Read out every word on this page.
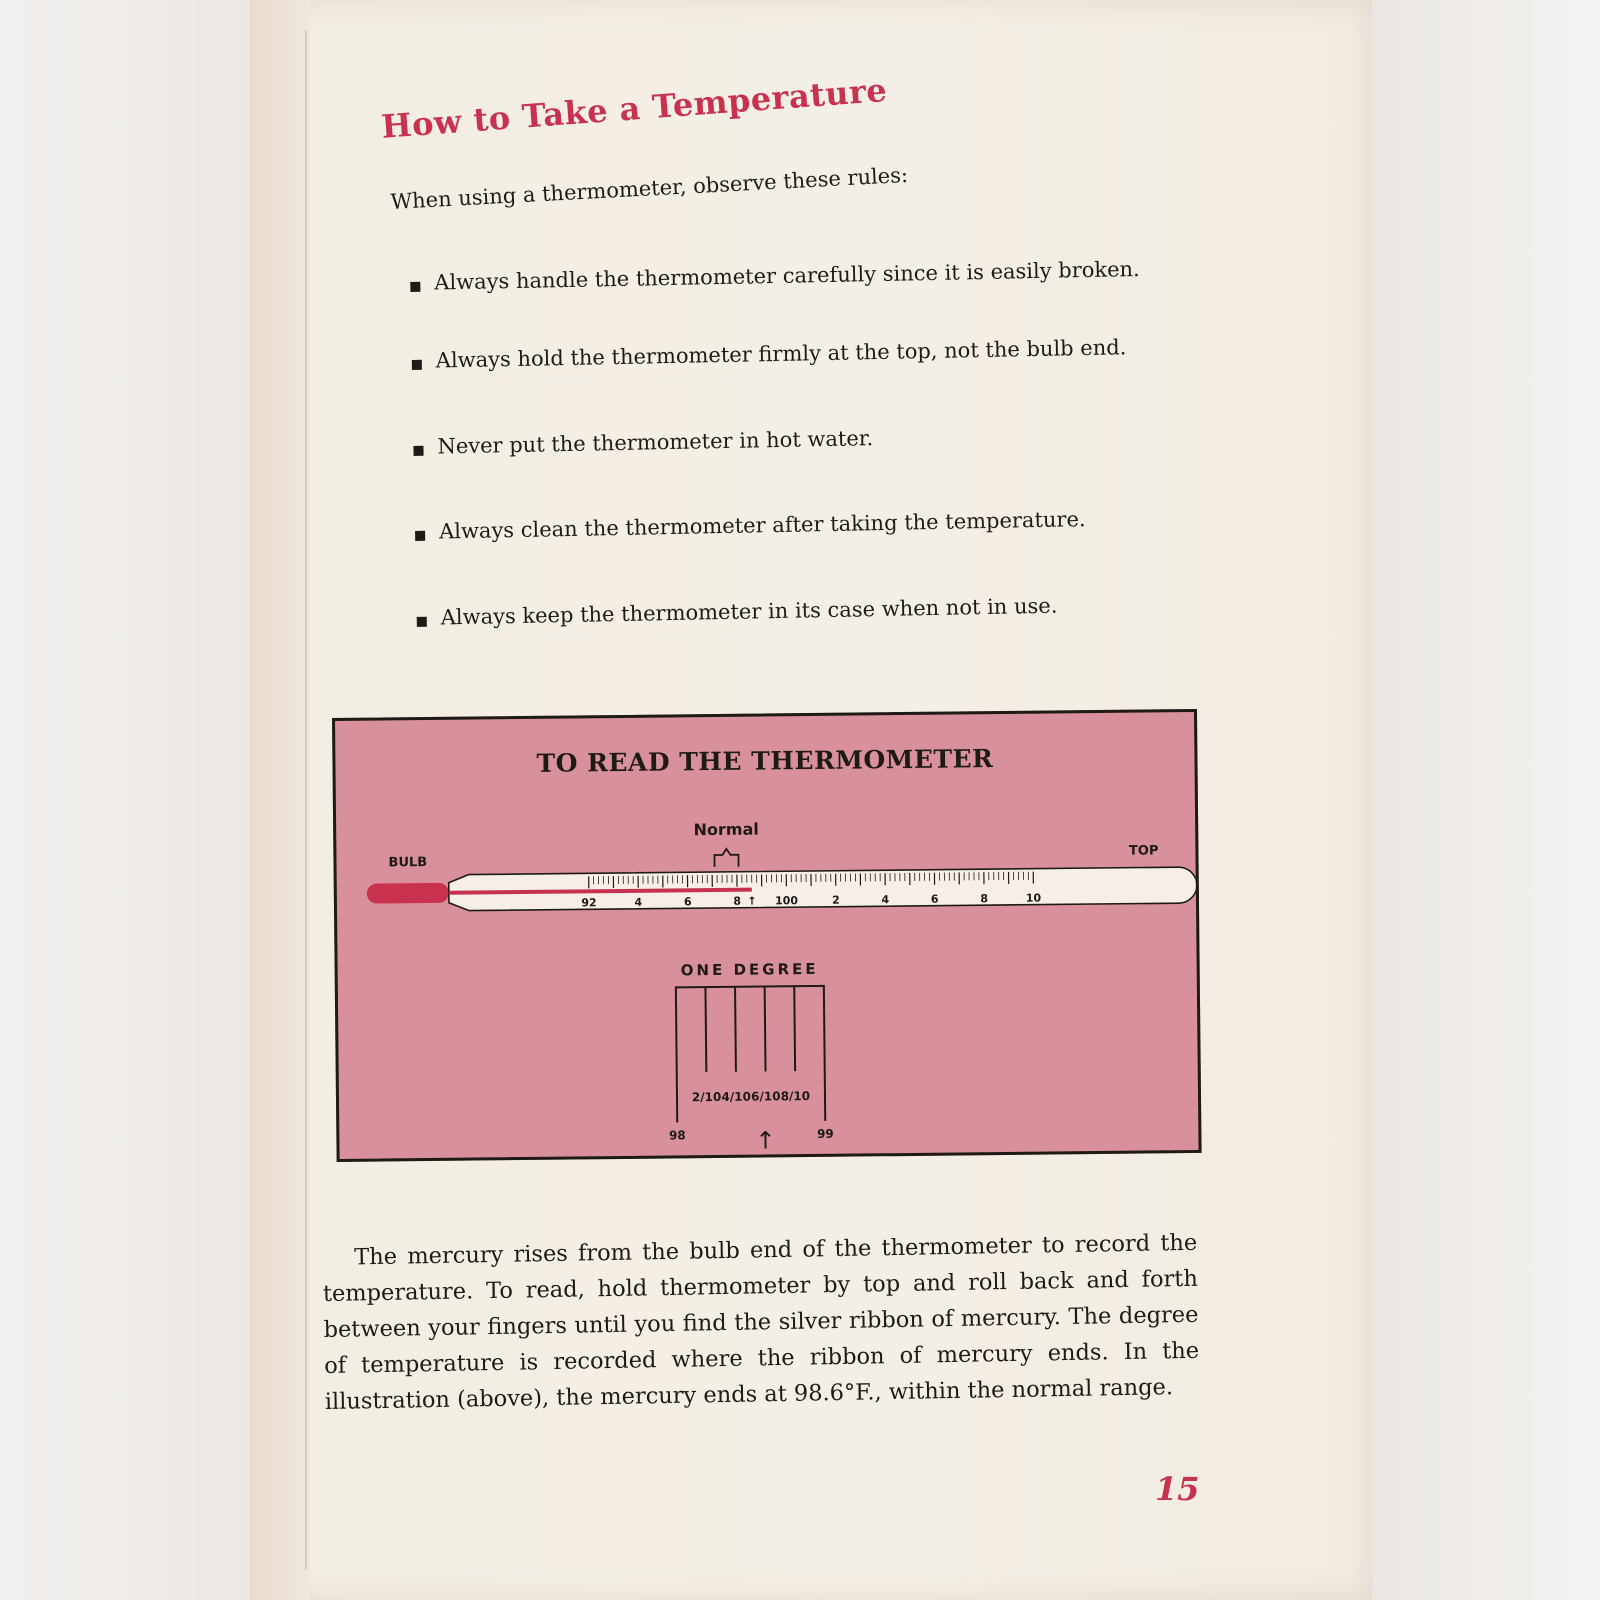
How to Take a Temperature
When using a thermometer, observe these rules:
Always handle the thermometer carefully since it is easily broken.
Always hold the thermometer firmly at the top, not the bulb end.
Never put the thermometer in hot water.
Always clean the thermometer after taking the temperature.
Always keep the thermometer in its case when not in use.
TO READ THE THERMOMETER
BULB
TOP
Normal
92	4	6	8	100	2	4	6	8	10
↑
ONE DEGREE
2/10 4/10 6/10 8/10
98	99
↑

The mercury rises from the bulb end of the thermometer to record the temperature. To read, hold thermometer by top and roll back and forth between your fingers until you find the silver ribbon of mercury. The degree of temperature is recorded where the ribbon of mercury ends. In the illustration (above), the mercury ends at 98.6°F., within the normal range.

15
